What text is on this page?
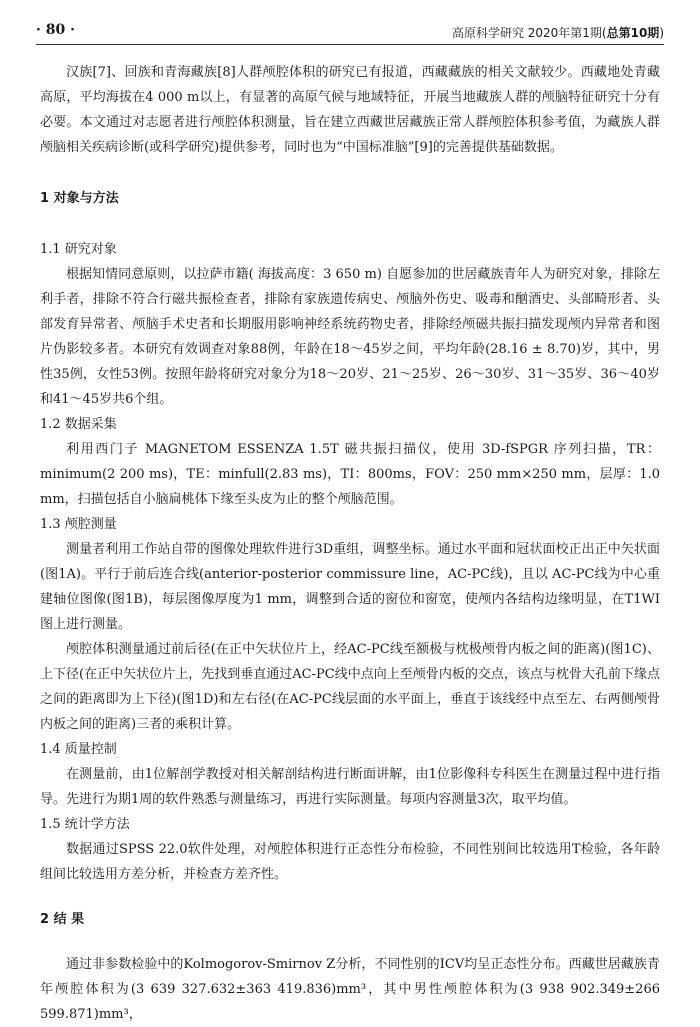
· 80 ·	高原科学研究 2020年第1期(总第10期)

汉族[7]、回族和青海藏族[8]人群颅腔体积的研究已有报道，西藏藏族的相关文献较少。西藏地处青藏高原，平均海拔在4 000 m以上，有显著的高原气候与地域特征，开展当地藏族人群的颅脑特征研究十分有必要。本文通过对志愿者进行颅腔体积测量，旨在建立西藏世居藏族正常人群颅腔体积参考值，为藏族人群颅脑相关疾病诊断(或科学研究)提供参考，同时也为“中国标准脑”[9]的完善提供基础数据。

1 对象与方法
1.1 研究对象

根据知情同意原则，以拉萨市籍( 海拔高度：3 650 m) 自愿参加的世居藏族青年人为研究对象，排除左利手者，排除不符合行磁共振检查者，排除有家族遗传病史、颅脑外伤史、吸毒和酗酒史、头部畸形者、头部发育异常者、颅脑手术史者和长期服用影响神经系统药物史者，排除经颅磁共振扫描发现颅内异常者和图片伪影较多者。本研究有效调查对象88例，年龄在18～45岁之间，平均年龄(28.16 ± 8.70)岁，其中，男性35例，女性53例。按照年龄将研究对象分为18～20岁、21～25岁、26～30岁、31～35岁、36～40岁和41～45岁共6个组。

1.2 数据采集

利用西门子 MAGNETOM ESSENZA 1.5T 磁共振扫描仪，使用 3D-fSPGR 序列扫描，TR：minimum(2 200 ms)，TE：minfull(2.83 ms)，TI：800ms，FOV：250 mm×250 mm，层厚：1.0 mm，扫描包括自小脑扁桃体下缘至头皮为止的整个颅脑范围。

1.3 颅腔测量

测量者利用工作站自带的图像处理软件进行3D重组，调整坐标。通过水平面和冠状面校正出正中矢状面(图1A)。平行于前后连合线(anterior-posterior commissure line，AC-PC线)，且以 AC-PC线为中心重建轴位图像(图1B)，每层图像厚度为1 mm，调整到合适的窗位和窗宽，使颅内各结构边缘明显，在T1WI图上进行测量。

颅腔体积测量通过前后径(在正中矢状位片上，经AC-PC线至额极与枕极颅骨内板之间的距离)(图1C)、上下径(在正中矢状位片上，先找到垂直通过AC-PC线中点向上至颅骨内板的交点，该点与枕骨大孔前下缘点之间的距离即为上下径)(图1D)和左右径(在AC-PC线层面的水平面上，垂直于该线经中点至左、右两侧颅骨内板之间的距离)三者的乘积计算。

1.4 质量控制

在测量前，由1位解剖学教授对相关解剖结构进行断面讲解，由1位影像科专科医生在测量过程中进行指导。先进行为期1周的软件熟悉与测量练习，再进行实际测量。每项内容测量3次，取平均值。

1.5 统计学方法

数据通过SPSS 22.0软件处理，对颅腔体积进行正态性分布检验，不同性别间比较选用T检验，各年龄组间比较选用方差分析，并检查方差齐性。

2 结 果

通过非参数检验中的Kolmogorov-Smirnov Z分析，不同性别的ICV均呈正态性分布。西藏世居藏族青年颅腔体积为(3 639 327.632±363 419.836)mm³，其中男性颅腔体积为(3 938 902.349±266 599.871)mm³，
